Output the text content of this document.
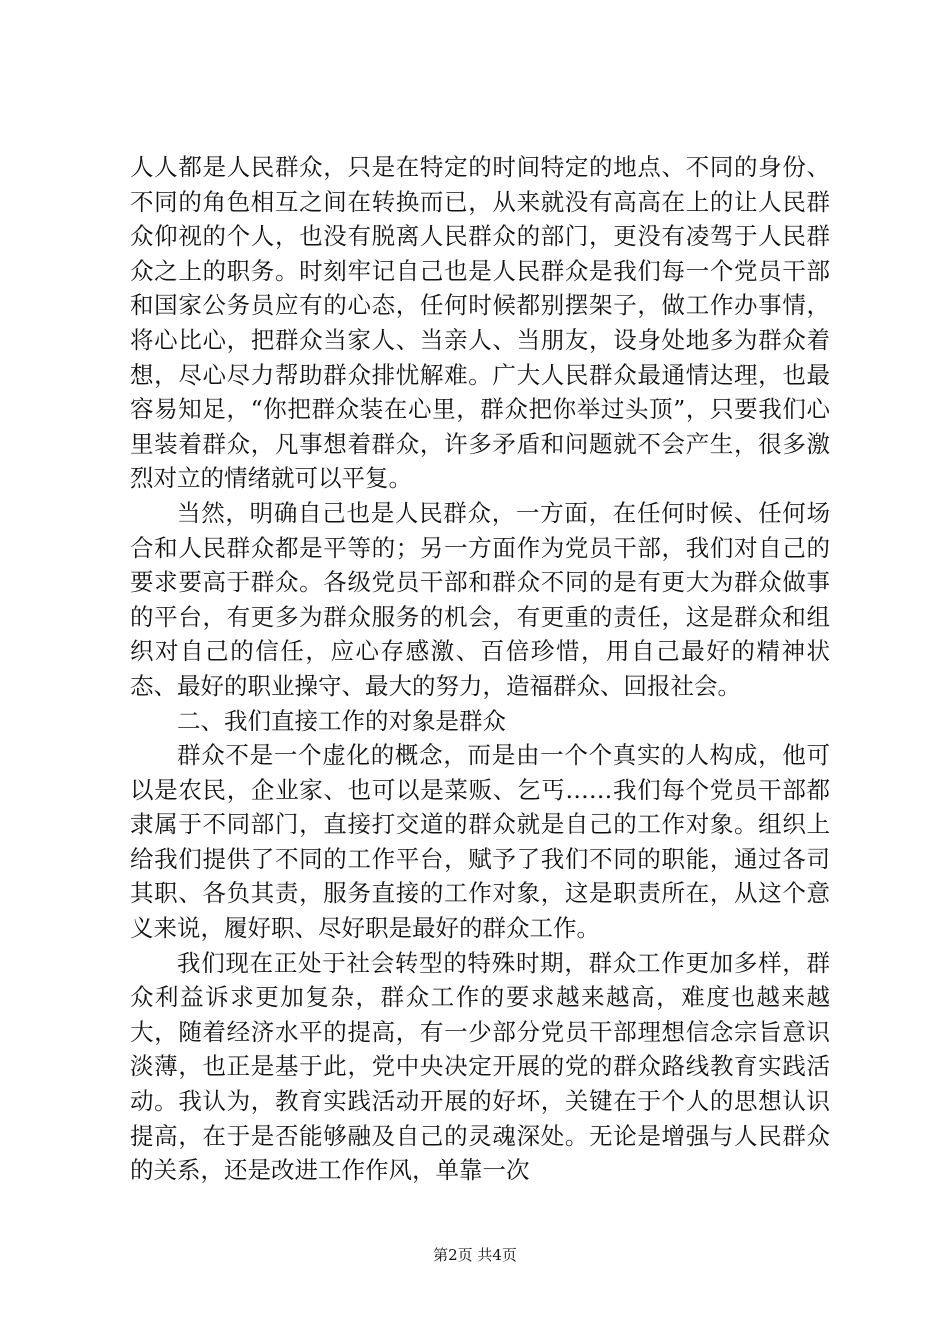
人人都是人民群众，只是在特定的时间特定的地点、不同的身份、不同的角色相互之间在转换而已，从来就没有高高在上的让人民群众仰视的个人，也没有脱离人民群众的部门，更没有凌驾于人民群众之上的职务。时刻牢记自己也是人民群众是我们每一个党员干部和国家公务员应有的心态，任何时候都别摆架子，做工作办事情，将心比心，把群众当家人、当亲人、当朋友，设身处地多为群众着想，尽心尽力帮助群众排忧解难。广大人民群众最通情达理，也最容易知足，“你把群众装在心里，群众把你举过头顶”，只要我们心里装着群众，凡事想着群众，许多矛盾和问题就不会产生，很多激烈对立的情绪就可以平复。

当然，明确自己也是人民群众，一方面，在任何时候、任何场合和人民群众都是平等的；另一方面作为党员干部，我们对自己的要求要高于群众。各级党员干部和群众不同的是有更大为群众做事的平台，有更多为群众服务的机会，有更重的责任，这是群众和组织对自己的信任，应心存感激、百倍珍惜，用自己最好的精神状态、最好的职业操守、最大的努力，造福群众、回报社会。

二、我们直接工作的对象是群众

群众不是一个虚化的概念，而是由一个个真实的人构成，他可以是农民，企业家、也可以是菜贩、乞丐……我们每个党员干部都隶属于不同部门，直接打交道的群众就是自己的工作对象。组织上给我们提供了不同的工作平台，赋予了我们不同的职能，通过各司其职、各负其责，服务直接的工作对象，这是职责所在，从这个意义来说，履好职、尽好职是最好的群众工作。

我们现在正处于社会转型的特殊时期，群众工作更加多样，群众利益诉求更加复杂，群众工作的要求越来越高，难度也越来越大，随着经济水平的提高，有一少部分党员干部理想信念宗旨意识淡薄，也正是基于此，党中央决定开展的党的群众路线教育实践活动。我认为，教育实践活动开展的好坏，关键在于个人的思想认识提高，在于是否能够融及自己的灵魂深处。无论是增强与人民群众的关系，还是改进工作作风，单靠一次

第2页 共4页
